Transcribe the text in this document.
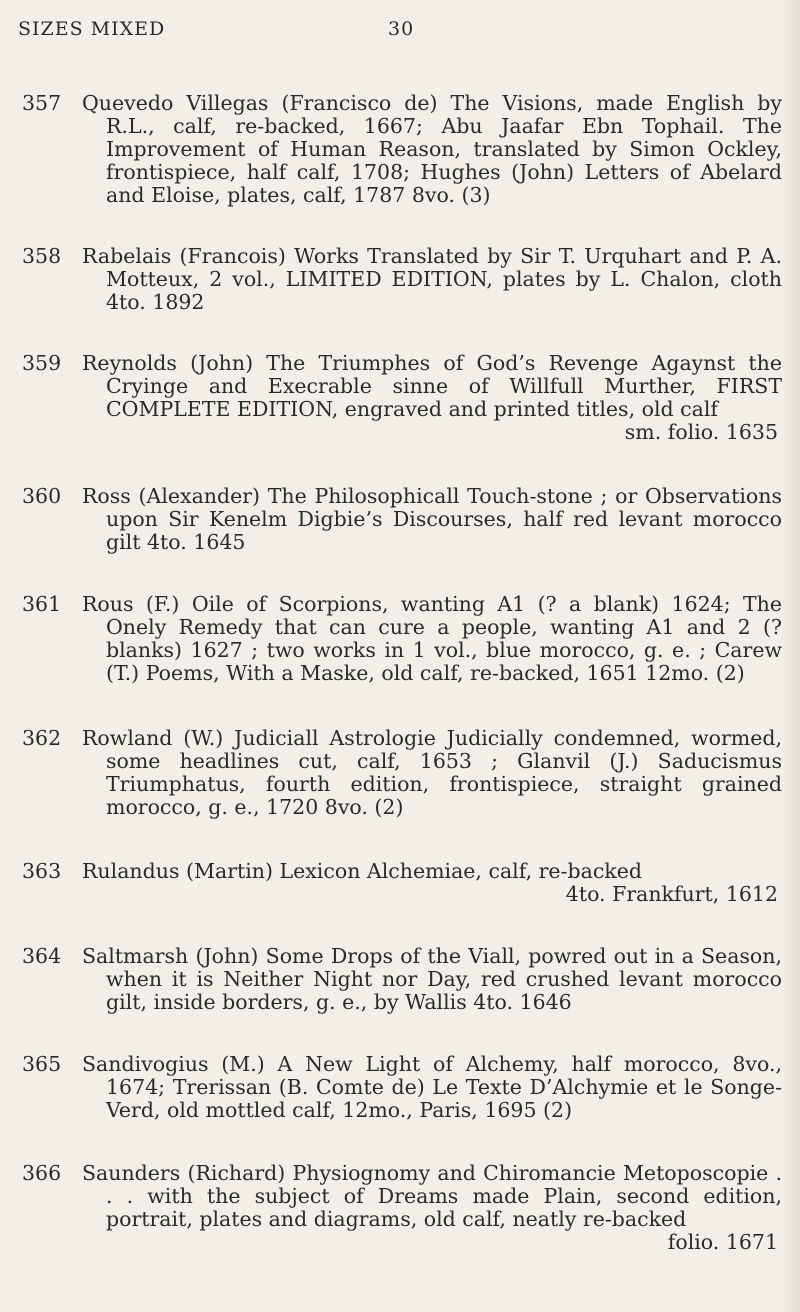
SIZES MIXED	30
357	Quevedo Villegas (Francisco de) The Visions, made English by R.L., calf, re-backed, 1667; Abu Jaafar Ebn Tophail. The Improvement of Human Reason, translated by Simon Ockley, frontispiece, half calf, 1708; Hughes (John) Letters of Abelard and Eloise, plates, calf, 1787 8vo. (3)
358	Rabelais (Francois) Works Translated by Sir T. Urquhart and P. A. Motteux, 2 vol., LIMITED EDITION, plates by L. Chalon, cloth 4to. 1892
359	Reynolds (John) The Triumphes of God’s Revenge Agaynst the Cryinge and Execrable sinne of Willfull Murther, FIRST COMPLETE EDITION, engraved and printed titles, old calf
sm. folio. 1635
360	Ross (Alexander) The Philosophicall Touch-stone ; or Observations upon Sir Kenelm Digbie’s Discourses, half red levant morocco gilt 4to. 1645
361	Rous (F.) Oile of Scorpions, wanting A1 (? a blank) 1624; The Onely Remedy that can cure a people, wanting A1 and 2 (? blanks) 1627 ; two works in 1 vol., blue morocco, g. e. ; Carew (T.) Poems, With a Maske, old calf, re-backed, 1651 12mo. (2)
362	Rowland (W.) Judiciall Astrologie Judicially condemned, wormed, some headlines cut, calf, 1653 ; Glanvil (J.) Saducismus Triumphatus, fourth edition, frontispiece, straight grained morocco, g. e., 1720 8vo. (2)
363	Rulandus (Martin) Lexicon Alchemiae, calf, re-backed
4to. Frankfurt, 1612
364	Saltmarsh (John) Some Drops of the Viall, powred out in a Season, when it is Neither Night nor Day, red crushed levant morocco gilt, inside borders, g. e., by Wallis 4to. 1646
365	Sandivogius (M.) A New Light of Alchemy, half morocco, 8vo., 1674; Trerissan (B. Comte de) Le Texte D’Alchymie et le Songe-Verd, old mottled calf, 12mo., Paris, 1695 (2)
366	Saunders (Richard) Physiognomy and Chiromancie Metoposcopie . . . with the subject of Dreams made Plain, second edition, portrait, plates and diagrams, old calf, neatly re-backed
folio. 1671
